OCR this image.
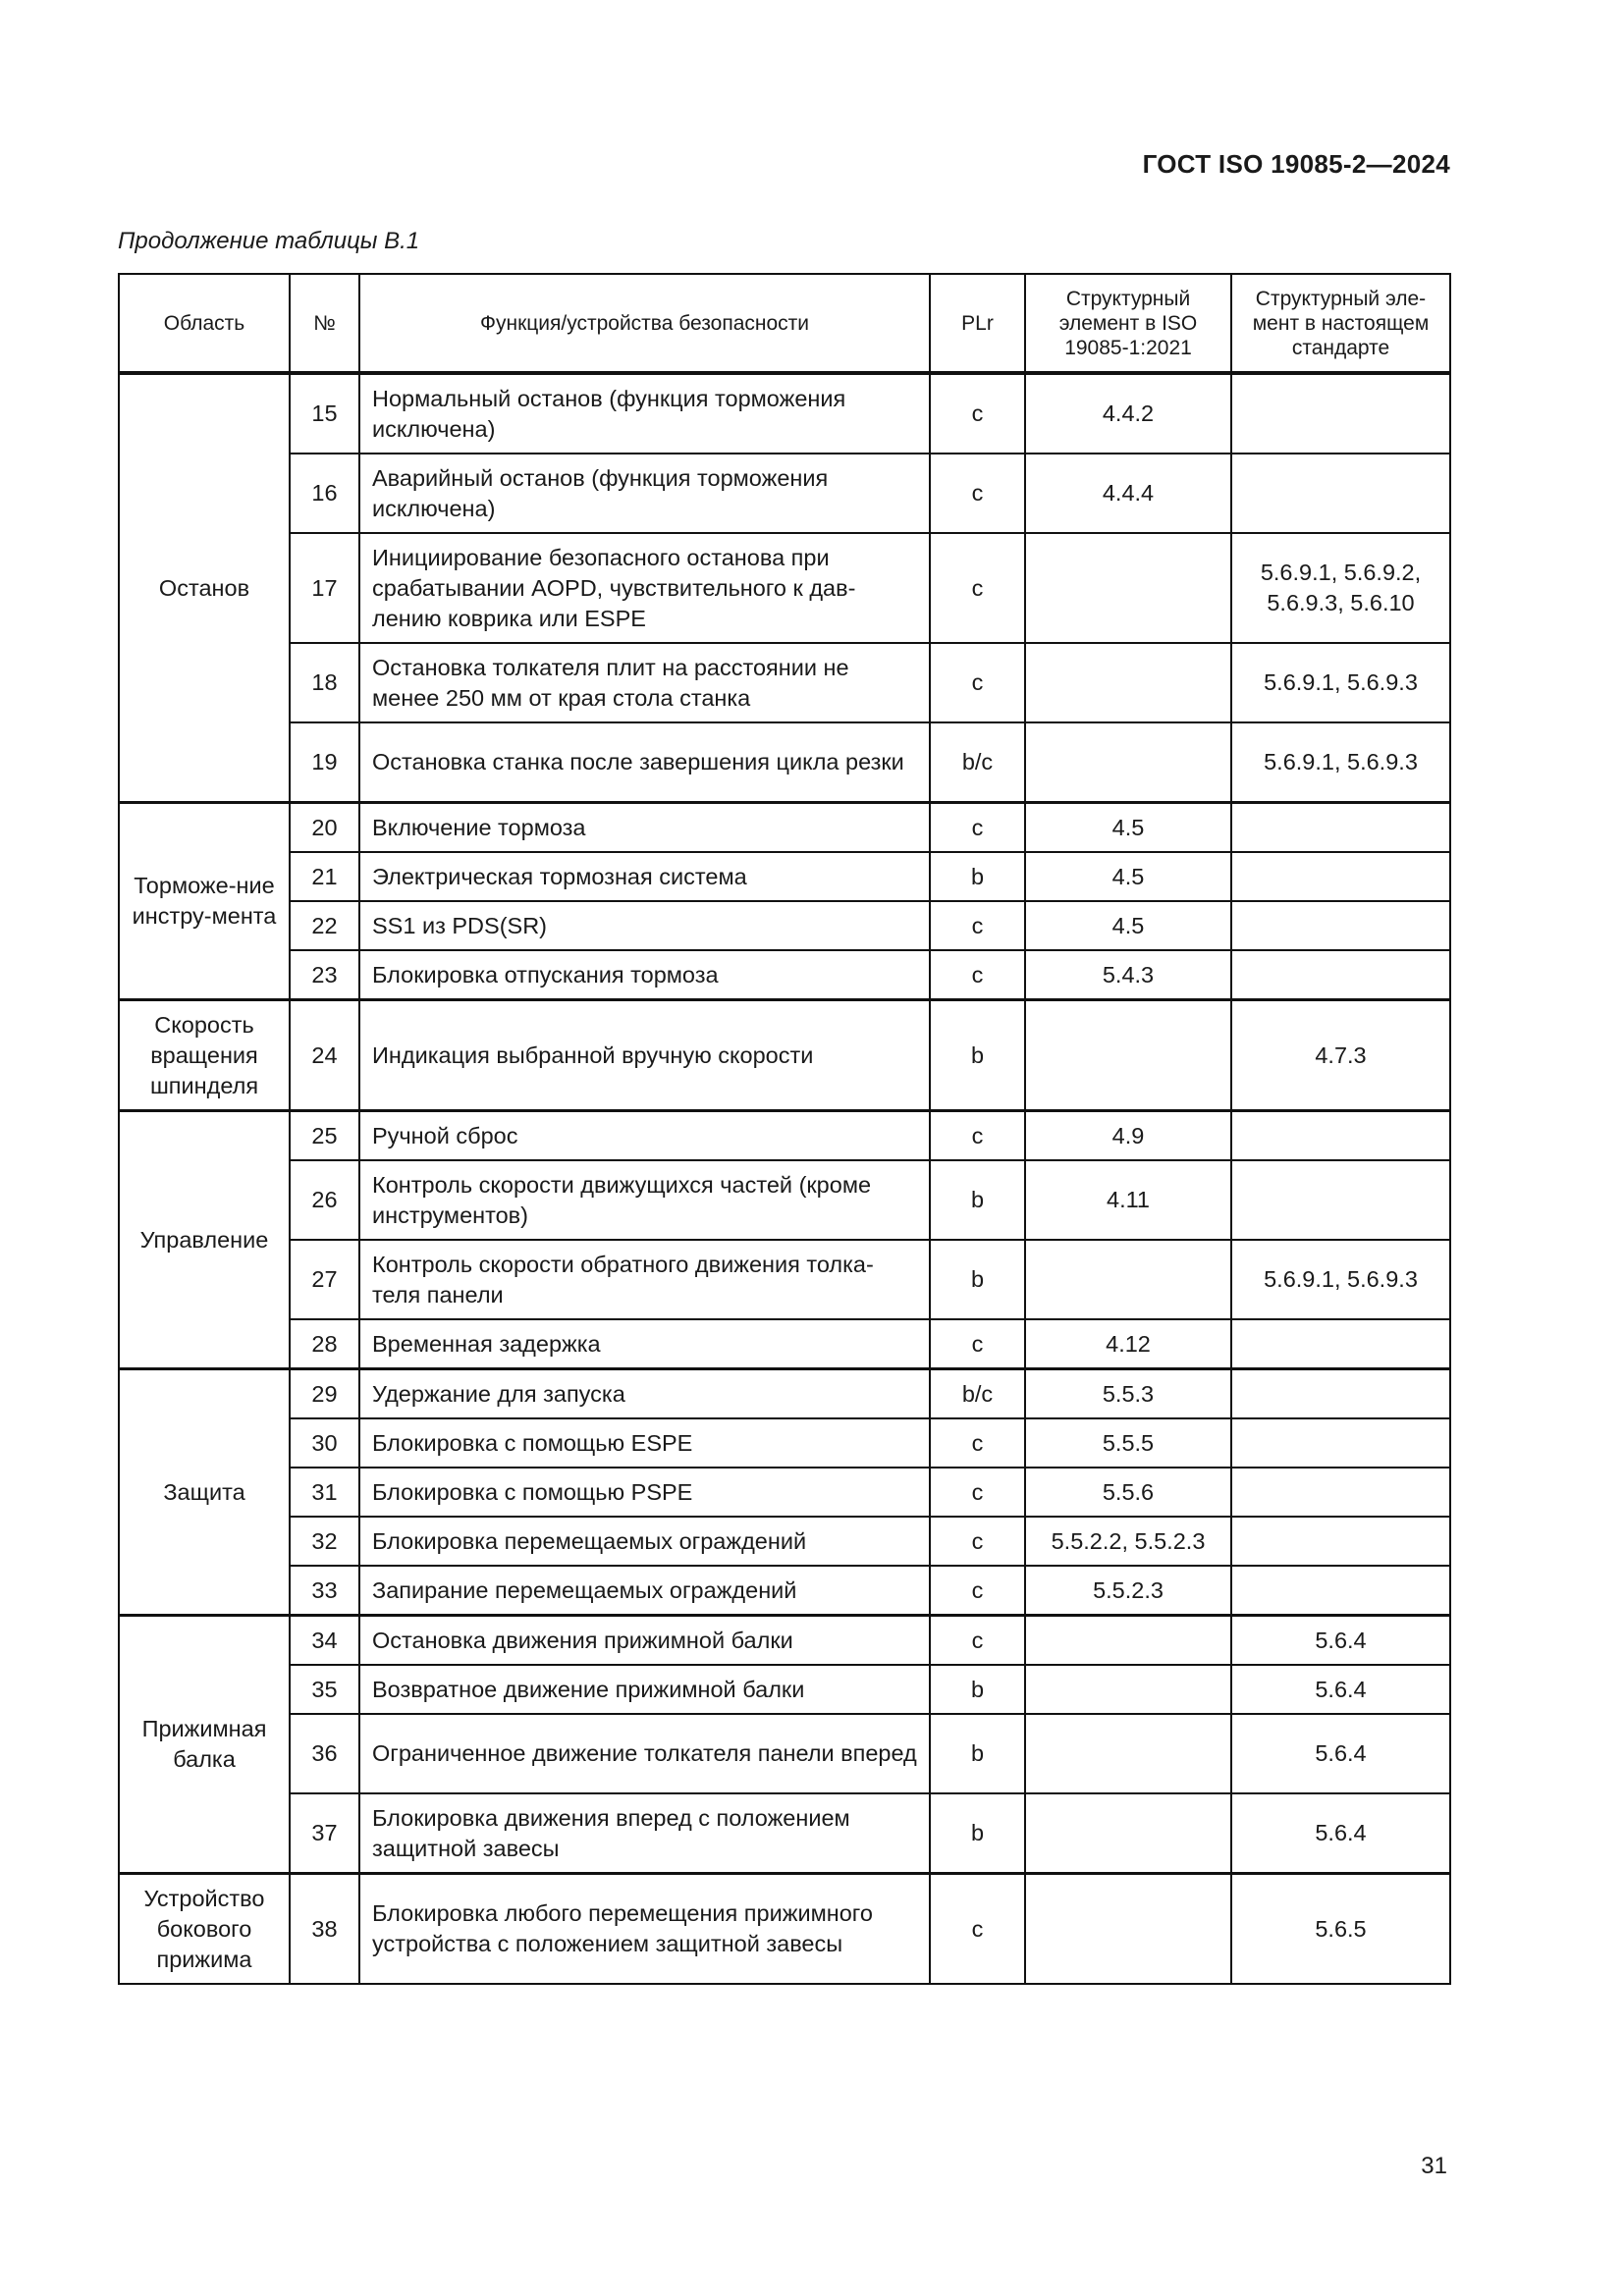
ГОСТ ISO 19085-2—2024
Продолжение таблицы В.1
Область	№	Функция/устройства безопасности	PLr	Структурный элемент в ISO 19085-1:2021	Структурный эле-мент в настоящем стандарте
Останов	15	Нормальный останов (функция торможения исключена)	c	4.4.2	
	16	Аварийный останов (функция торможения исключена)	c	4.4.4	
	17	Инициирование безопасного останова при срабатывании AOPD, чувствительного к дав-лению коврика или ESPE	c		5.6.9.1, 5.6.9.2, 5.6.9.3, 5.6.10
	18	Остановка толкателя плит на расстоянии не менее 250 мм от края стола станка	c		5.6.9.1, 5.6.9.3
	19	Остановка станка после завершения цикла резки	b/c		5.6.9.1, 5.6.9.3
Торможе-ние инстру-мента	20	Включение тормоза	c	4.5	
	21	Электрическая тормозная система	b	4.5	
	22	SS1 из PDS(SR)	c	4.5	
	23	Блокировка отпускания тормоза	c	5.4.3	
Скорость вращения шпинделя	24	Индикация выбранной вручную скорости	b		4.7.3
Управление	25	Ручной сброс	c	4.9	
	26	Контроль скорости движущихся частей (кроме инструментов)	b	4.11	
	27	Контроль скорости обратного движения толка-теля панели	b		5.6.9.1, 5.6.9.3
	28	Временная задержка	c	4.12	
Защита	29	Удержание для запуска	b/c	5.5.3	
	30	Блокировка с помощью ESPE	c	5.5.5	
	31	Блокировка с помощью PSPE	c	5.5.6	
	32	Блокировка перемещаемых ограждений	c	5.5.2.2, 5.5.2.3	
	33	Запирание перемещаемых ограждений	c	5.5.2.3	
Прижимная балка	34	Остановка движения прижимной балки	c		5.6.4
	35	Возвратное движение прижимной балки	b		5.6.4
	36	Ограниченное движение толкателя панели вперед	b		5.6.4
	37	Блокировка движения вперед с положением защитной завесы	b		5.6.4
Устройство бокового прижима	38	Блокировка любого перемещения прижимного устройства с положением защитной завесы	c		5.6.5
31
